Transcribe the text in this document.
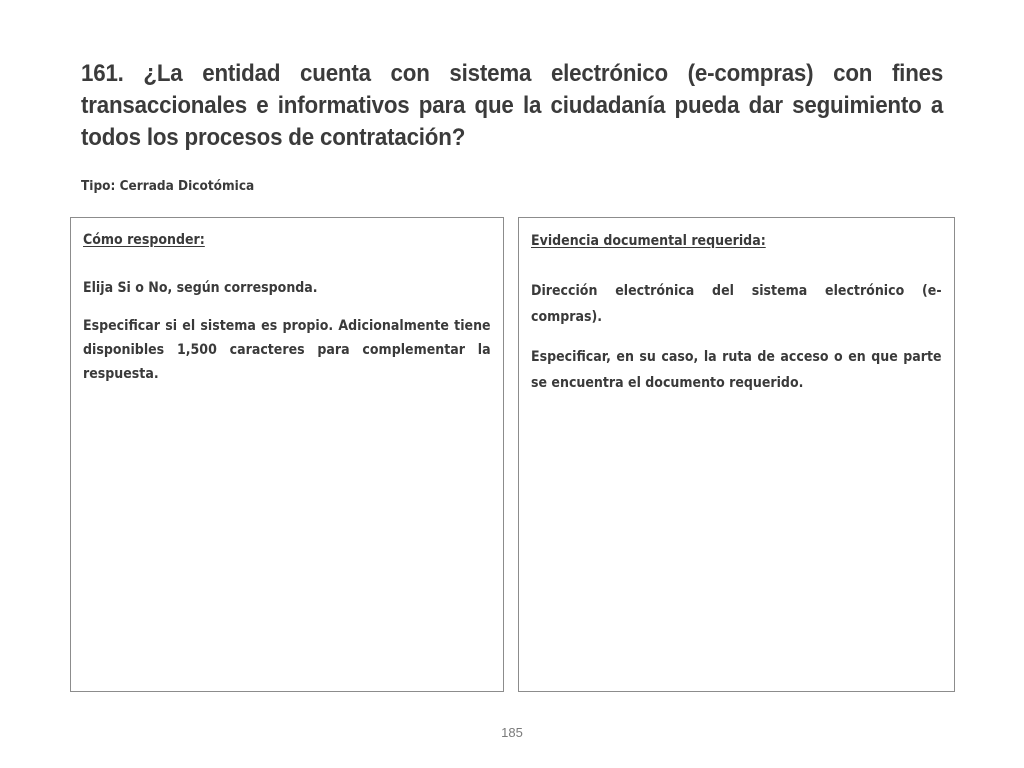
161. ¿La entidad cuenta con sistema electrónico (e-compras) con fines transaccionales e informativos para que la ciudadanía pueda dar seguimiento a todos los procesos de contratación?

Tipo: Cerrada Dicotómica

Cómo responder:

Elija Si o No, según corresponda.

Especificar si el sistema es propio. Adicionalmente tiene disponibles 1,500 caracteres para complementar la respuesta.

Evidencia documental requerida:

Dirección electrónica del sistema electrónico (e-compras).

Especificar, en su caso, la ruta de acceso o en que parte se encuentra el documento requerido.

185
